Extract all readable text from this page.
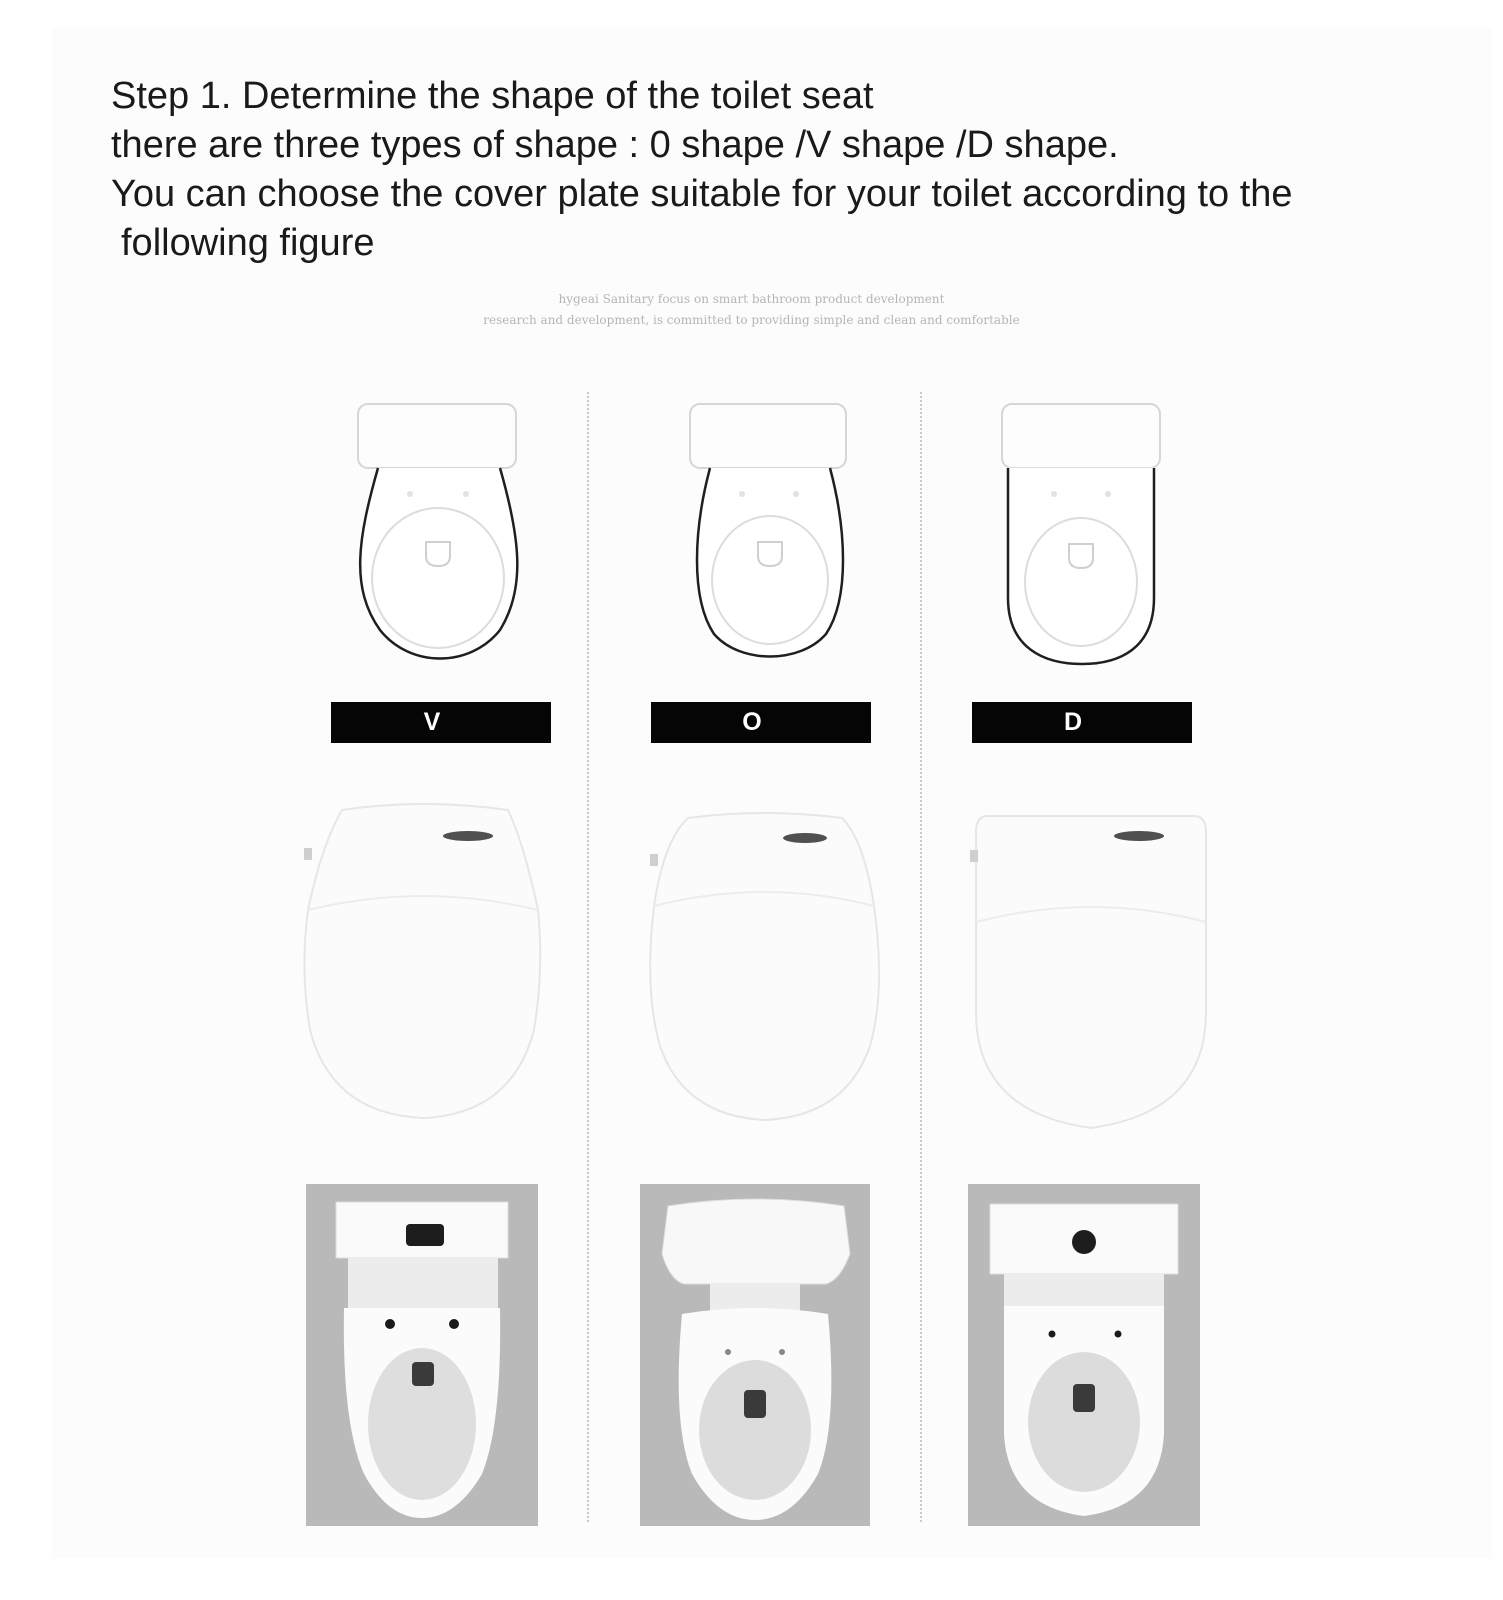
Step 1. Determine the shape of the toilet seat
there are three types of shape : 0 shape /V shape /D shape.
You can choose the cover plate suitable for your toilet according to the
following figure
hygeai Sanitary focus on smart bathroom product development
research and development, is committed to providing simple and clean and comfortable
V	O	D
